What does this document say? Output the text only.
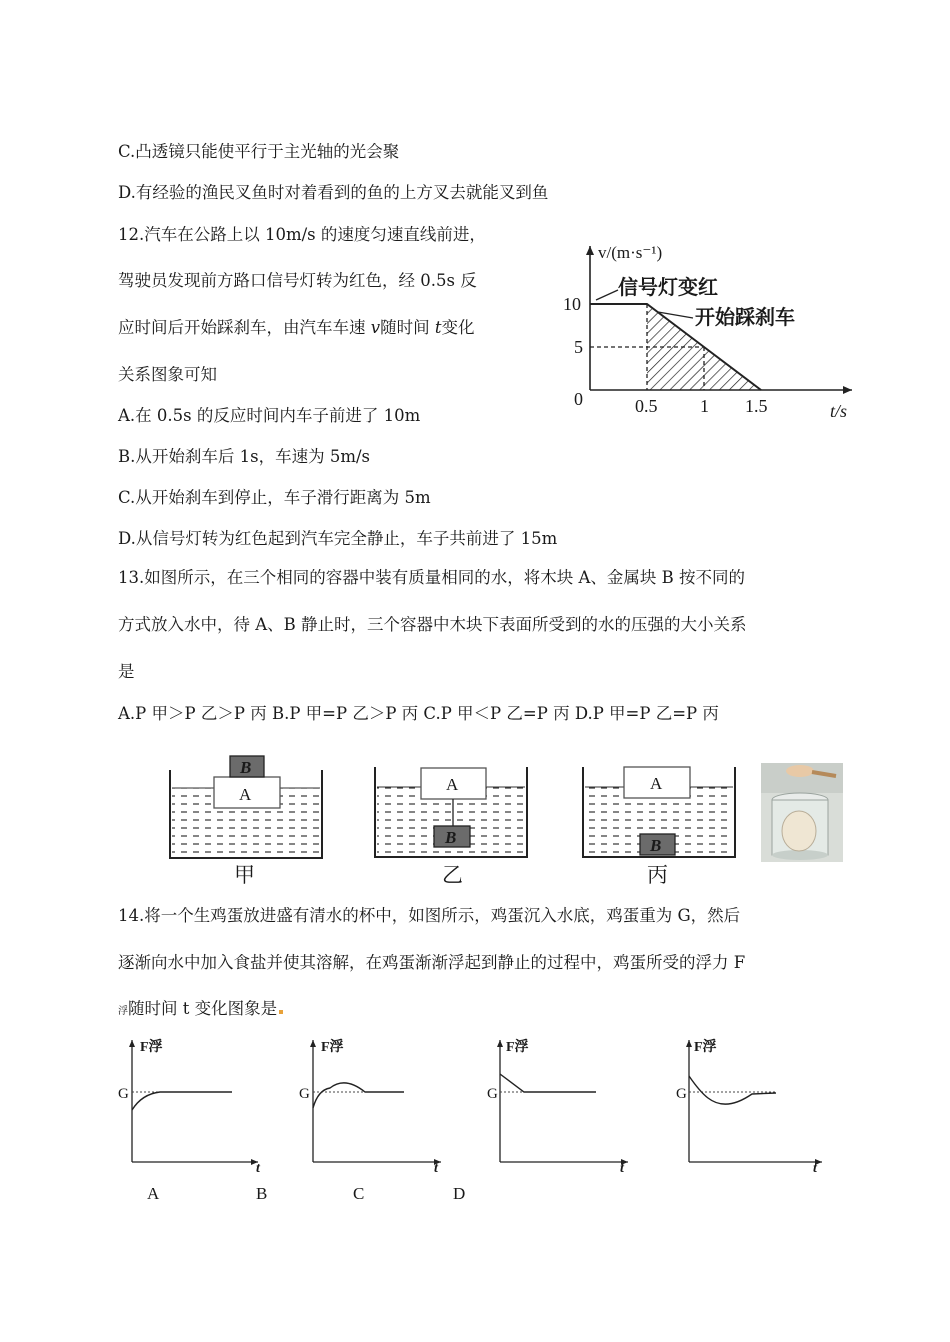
C.凸透镜只能使平行于主光轴的光会聚
D.有经验的渔民叉鱼时对着看到的鱼的上方叉去就能叉到鱼
12.汽车在公路上以 10m/s 的速度匀速直线前进，
驾驶员发现前方路口信号灯转为红色，经 0.5s 反
应时间后开始踩刹车，由汽车车速 v随时间 t变化
关系图象可知
A.在 0.5s 的反应时间内车子前进了 10m
B.从开始刹车后 1s，车速为 5m/s
C.从开始刹车到停止，车子滑行距离为 5m
D.从信号灯转为红色起到汽车完全静止，车子共前进了 15m
v/(m·s⁻¹)
t/s
0
10
5
0.5 1 1.5
信号灯变红
开始踩刹车
13.如图所示，在三个相同的容器中装有质量相同的水，将木块 A、金属块 B 按不同的
方式放入水中，待 A、B 静止时，三个容器中木块下表面所受到的水的压强的大小关系
是
A.P 甲＞P 乙＞P 丙 B.P 甲=P 乙＞P 丙 C.P 甲＜P 乙=P 丙 D.P 甲=P 乙=P 丙
A
B
A
B
A
B
甲	乙	丙
14.将一个生鸡蛋放进盛有清水的杯中，如图所示，鸡蛋沉入水底，鸡蛋重为 G，然后
逐渐向水中加入食盐并使其溶解，在鸡蛋渐渐浮起到静止的过程中，鸡蛋所受的浮力 F
浮随时间 t 变化图象是
F浮
G
t
F浮
G
t
F浮
G
t
F浮
G
t
A	B	C	D
